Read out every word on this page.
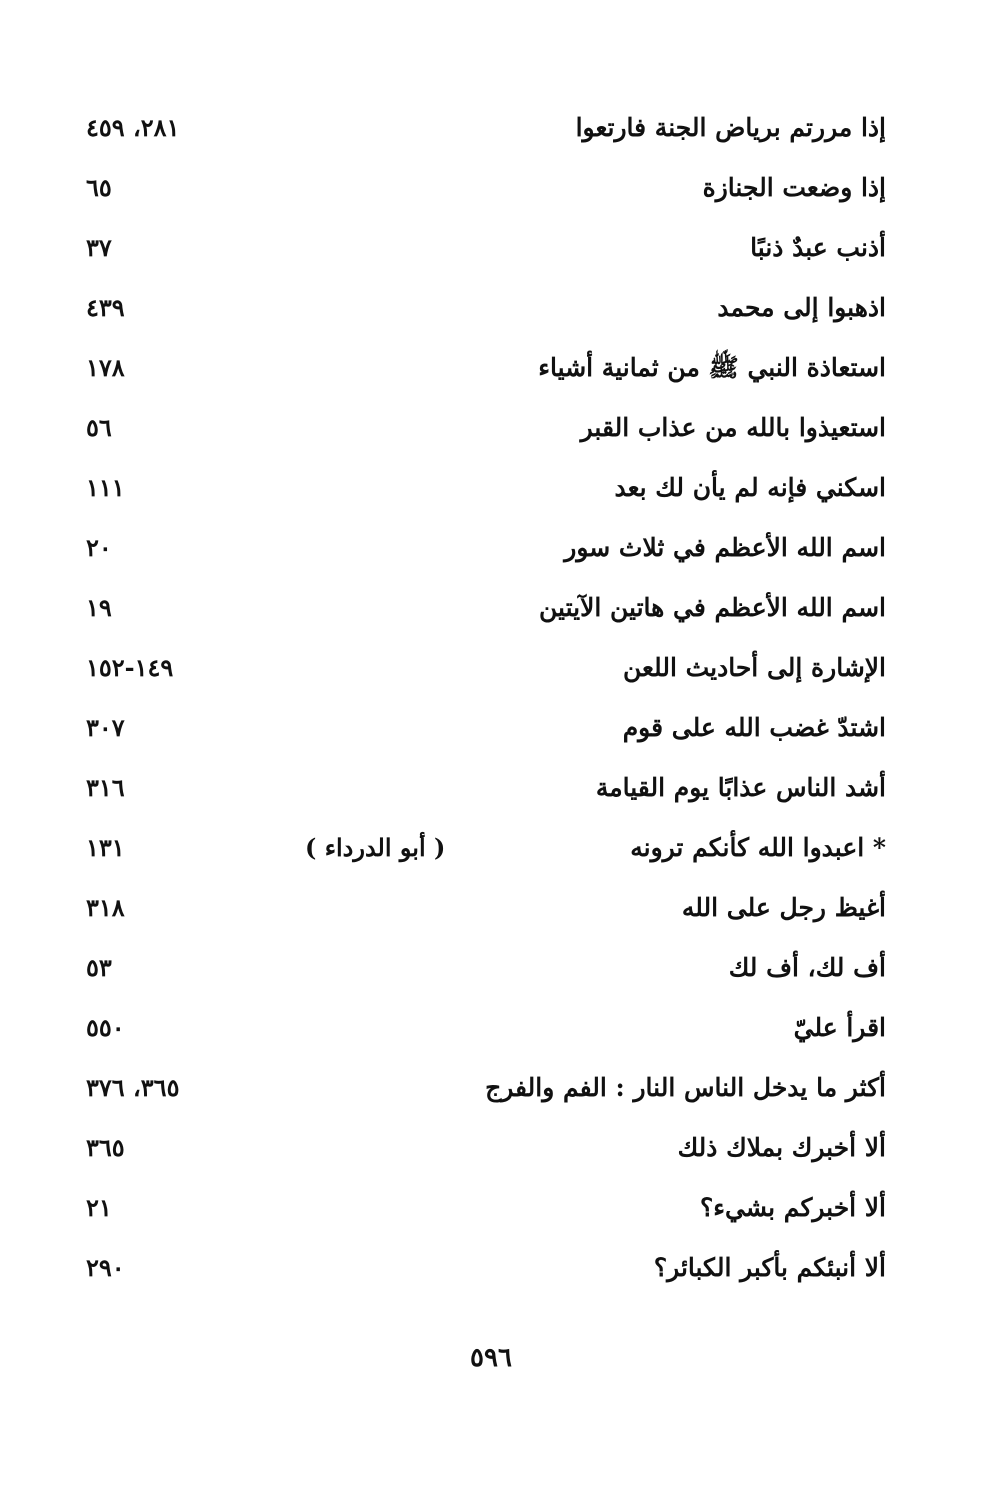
إذا مررتم برياض الجنة فارتعوا
٢٨١، ٤٥٩
إذا وضعت الجنازة
٦٥
أذنب عبدٌ ذنبًا
٣٧
اذهبوا إلى محمد
٤٣٩
استعاذة النبي ﷺ من ثمانية أشياء
١٧٨
استعيذوا بالله من عذاب القبر
٥٦
اسكني فإنه لم يأن لك بعد
١١١
اسم الله الأعظم في ثلاث سور
٢٠
اسم الله الأعظم في هاتين الآيتين
١٩
الإشارة إلى أحاديث اللعن
١٤٩-١٥٢
اشتدّ غضب الله على قوم
٣٠٧
أشد الناس عذابًا يوم القيامة
٣١٦
* اعبدوا الله كأنكم ترونه
( أبو الدرداء )
١٣١
أغيظ رجل على الله
٣١٨
أف لك، أف لك
٥٣
اقرأ عليّ
٥٥٠
أكثر ما يدخل الناس النار : الفم والفرج
٣٦٥، ٣٧٦
ألا أخبرك بملاك ذلك
٣٦٥
ألا أخبركم بشيء؟
٢١
ألا أنبئكم بأكبر الكبائر؟
٢٩٠
٥٩٦
